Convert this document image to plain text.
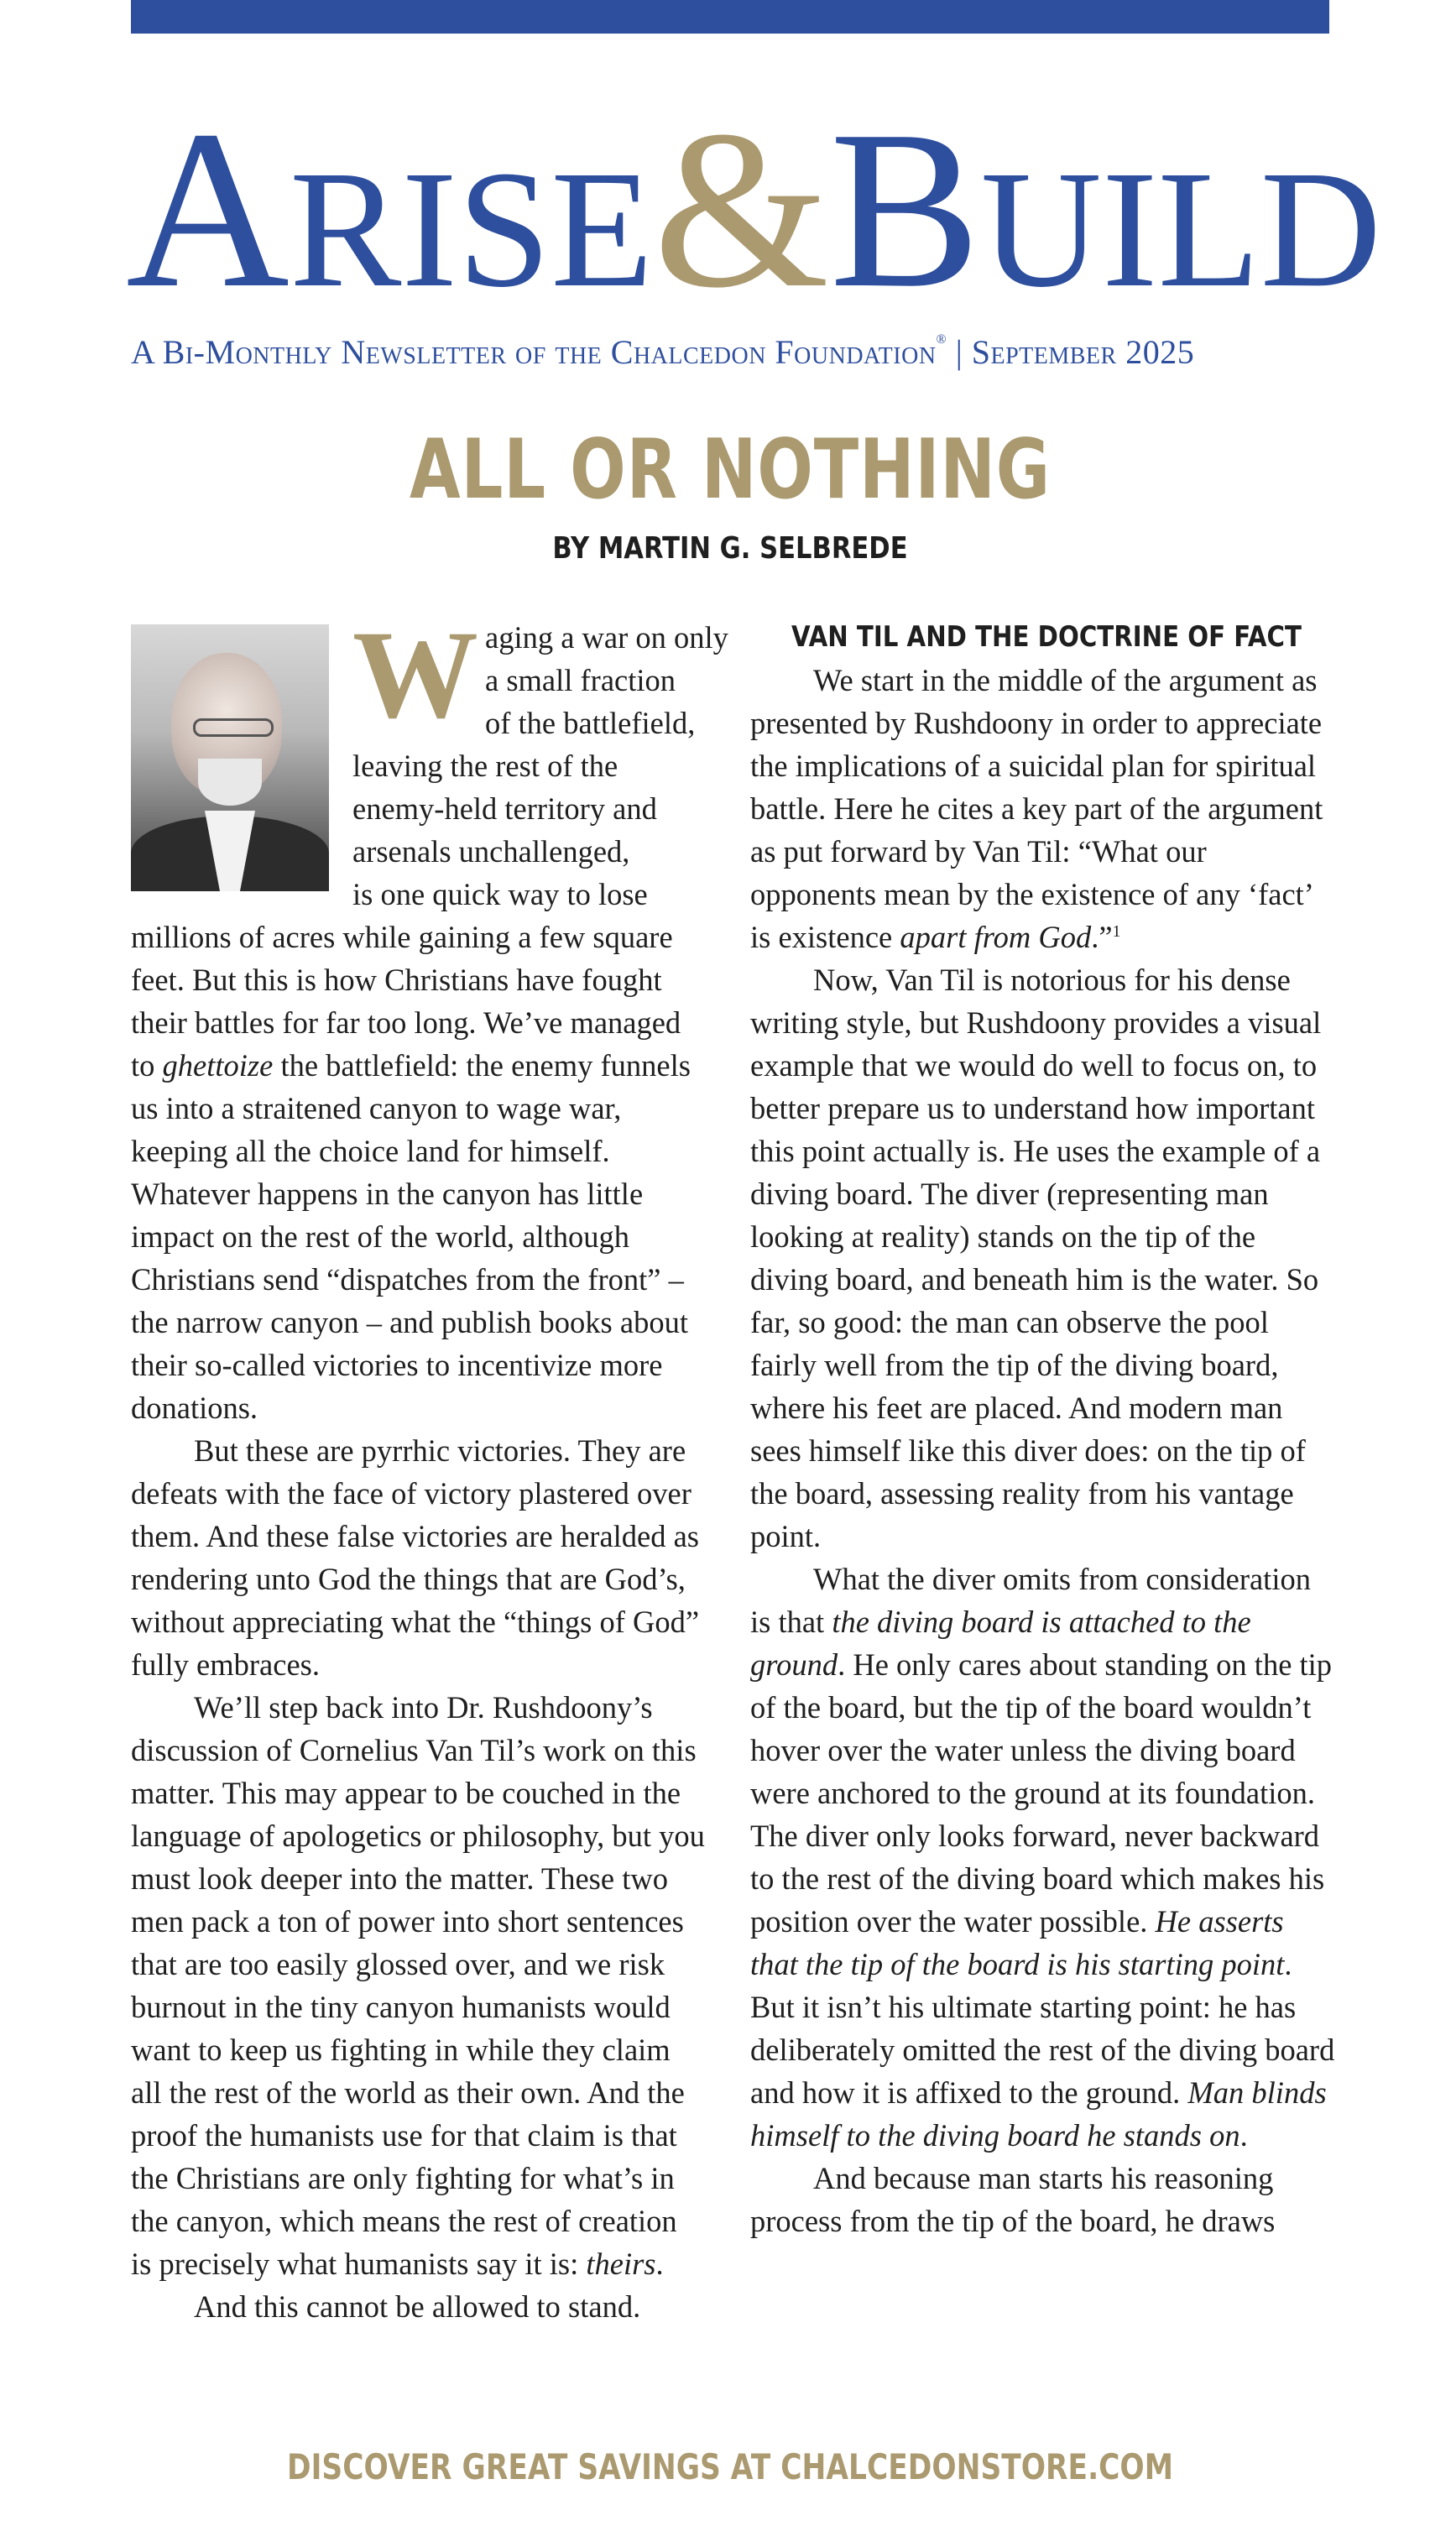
ARISE&BUILD
A Bi-Monthly Newsletter of the Chalcedon Foundation® | September 2025
ALL OR NOTHING
BY MARTIN G. SELBREDE
W aging a war on only
a small fraction
of the battlefield,
leaving the rest of the
enemy-held territory and
arsenals unchallenged,
is one quick way to lose
millions of acres while gaining a few square feet. But this is how Christians have fought their battles for far too long. We’ve managed to ghettoize the battlefield: the enemy funnels us into a straitened canyon to wage war, keeping all the choice land for himself. Whatever happens in the canyon has little impact on the rest of the world, although Christians send “dispatches from the front” – the narrow canyon – and publish books about their so-called victories to incentivize more donations.

But these are pyrrhic victories. They are defeats with the face of victory plastered over them. And these false victories are heralded as rendering unto God the things that are God’s, without appreciating what the “things of God” fully embraces.

We’ll step back into Dr. Rushdoony’s discussion of Cornelius Van Til’s work on this matter. This may appear to be couched in the language of apologetics or philosophy, but you must look deeper into the matter. These two men pack a ton of power into short sentences that are too easily glossed over, and we risk burnout in the tiny canyon humanists would want to keep us fighting in while they claim all the rest of the world as their own. And the proof the humanists use for that claim is that the Christians are only fighting for what’s in the canyon, which means the rest of creation is precisely what humanists say it is: theirs.

And this cannot be allowed to stand.

VAN TIL AND THE DOCTRINE OF FACT

We start in the middle of the argument as presented by Rushdoony in order to appreciate the implications of a suicidal plan for spiritual battle. Here he cites a key part of the argument as put forward by Van Til: “What our opponents mean by the existence of any ‘fact’ is existence apart from God.”$^1$

Now, Van Til is notorious for his dense writing style, but Rushdoony provides a visual example that we would do well to focus on, to better prepare us to understand how important this point actually is. He uses the example of a diving board. The diver (representing man looking at reality) stands on the tip of the diving board, and beneath him is the water. So far, so good: the man can observe the pool fairly well from the tip of the diving board, where his feet are placed. And modern man sees himself like this diver does: on the tip of the board, assessing reality from his vantage point.

What the diver omits from consideration is that the diving board is attached to the ground. He only cares about standing on the tip of the board, but the tip of the board wouldn’t hover over the water unless the diving board were anchored to the ground at its foundation. The diver only looks forward, never backward to the rest of the diving board which makes his position over the water possible. He asserts that the tip of the board is his starting point. But it isn’t his ultimate starting point: he has deliberately omitted the rest of the diving board and how it is affixed to the ground. Man blinds himself to the diving board he stands on.

And because man starts his reasoning process from the tip of the board, he draws

DISCOVER GREAT SAVINGS AT CHALCEDONSTORE.COM
